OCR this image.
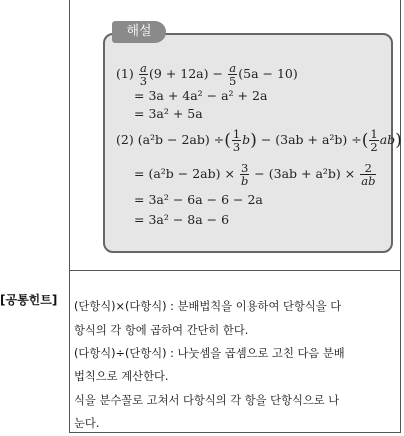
해설
$(1) \frac{a}{3} (9 + 12a) - \frac{a}{5} (5a - 10)$
= 3a + 4a² − a² + 2a
= 3a² + 5a
(2) (a²b − 2ab) ÷( $\frac{1}{3} b) - (3ab + a^2b)$ ÷( $\frac{1}{2} ab$)
= $(a^2b - 2ab) \times \frac{3}{b} - (3ab + a^2b) \times \frac{2}{ab}$
= 3a² − 6a − 6 − 2a
= 3a² − 8a − 6
[공통힌트]	(단항식)×(다항식) : 분배법칙을 이용하여 단항식을 다
항식의 각 항에 곱하여 간단히 한다.
(다항식)÷(단항식) : 나눗셈을 곱셈으로 고친 다음 분배
법칙으로 계산한다.
식을 분수꼴로 고쳐서 다항식의 각 항을 단항식으로 나
눈다.
